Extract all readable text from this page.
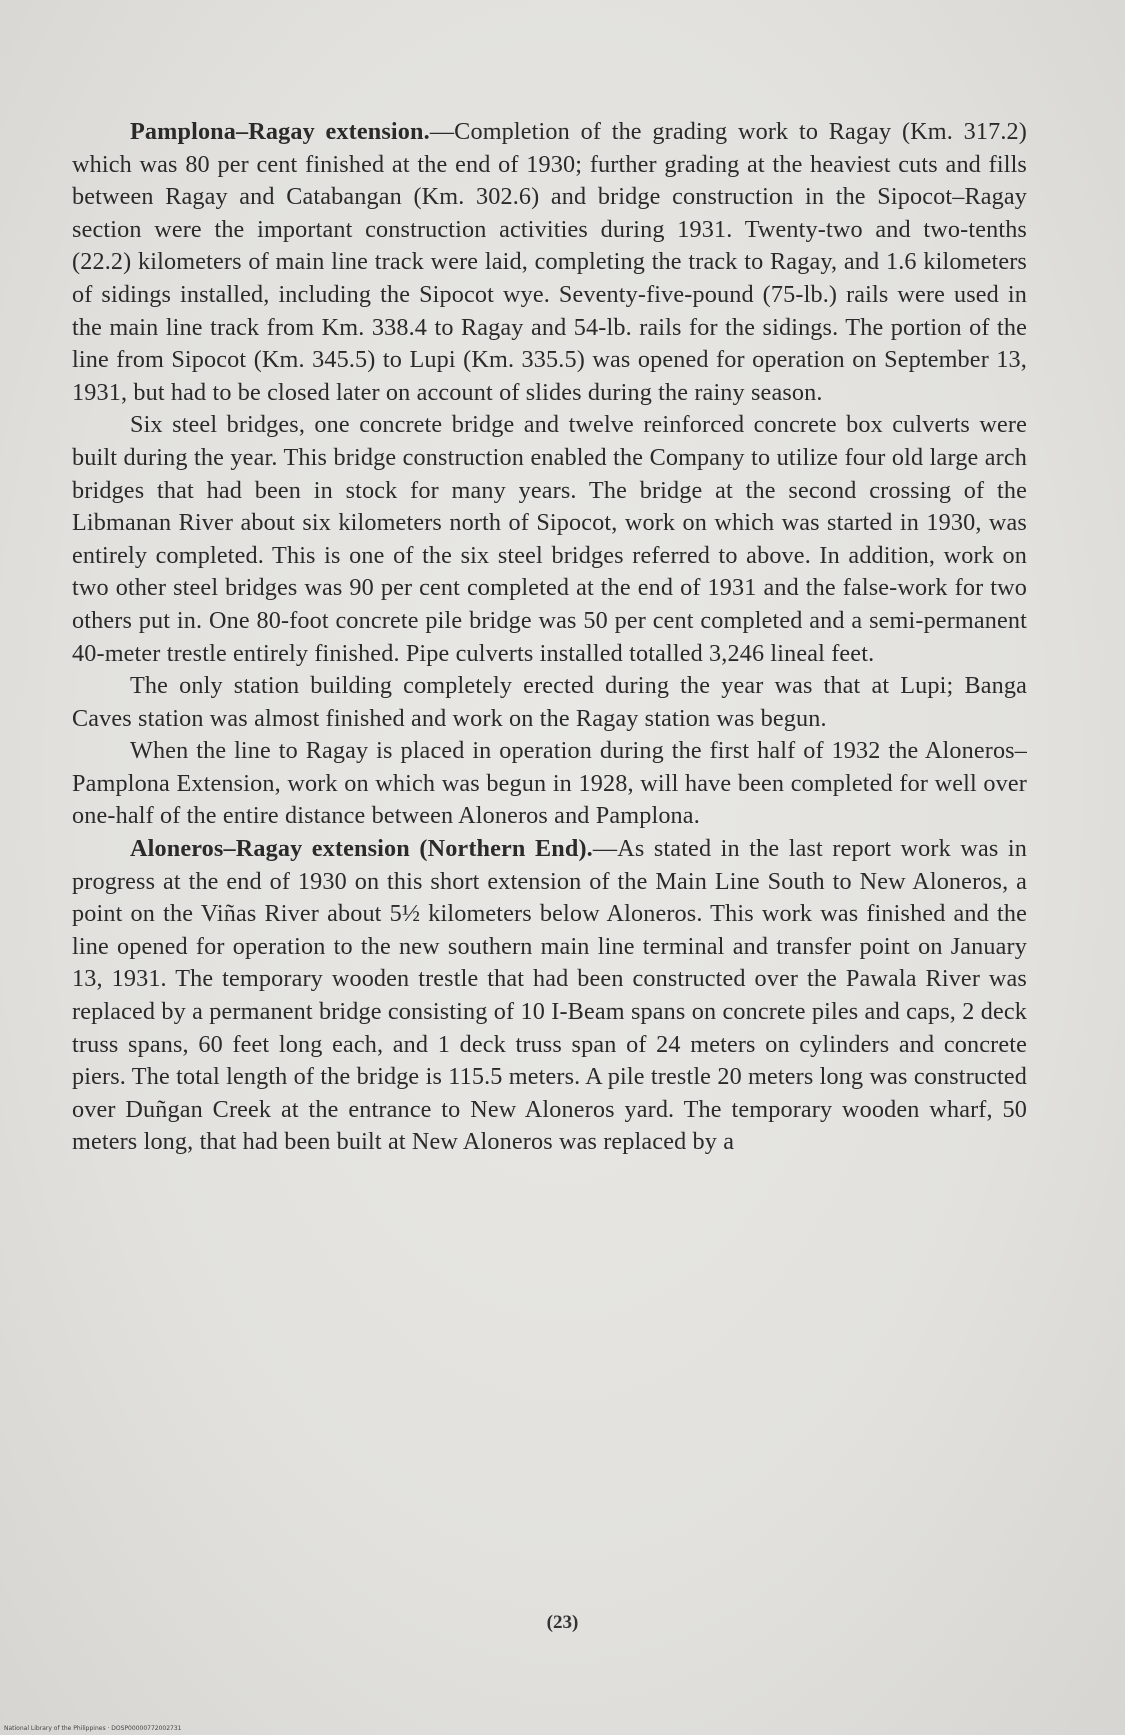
Pamplona–Ragay extension.—Completion of the grading work to Ragay (Km. 317.2) which was 80 per cent finished at the end of 1930; further grading at the heaviest cuts and fills between Ragay and Catabangan (Km. 302.6) and bridge construction in the Sipocot–Ragay section were the important construction activities during 1931. Twenty-two and two-tenths (22.2) kilometers of main line track were laid, completing the track to Ragay, and 1.6 kilometers of sidings installed, including the Sipocot wye. Seventy-five-pound (75-lb.) rails were used in the main line track from Km. 338.4 to Ragay and 54-lb. rails for the sidings. The portion of the line from Sipocot (Km. 345.5) to Lupi (Km. 335.5) was opened for operation on September 13, 1931, but had to be closed later on account of slides during the rainy season.

Six steel bridges, one concrete bridge and twelve reinforced concrete box culverts were built during the year. This bridge construction enabled the Company to utilize four old large arch bridges that had been in stock for many years. The bridge at the second crossing of the Libmanan River about six kilometers north of Sipocot, work on which was started in 1930, was entirely completed. This is one of the six steel bridges referred to above. In addition, work on two other steel bridges was 90 per cent completed at the end of 1931 and the false-work for two others put in. One 80-foot concrete pile bridge was 50 per cent completed and a semi-permanent 40-meter trestle entirely finished. Pipe culverts installed totalled 3,246 lineal feet.

The only station building completely erected during the year was that at Lupi; Banga Caves station was almost finished and work on the Ragay station was begun.

When the line to Ragay is placed in operation during the first half of 1932 the Aloneros–Pamplona Extension, work on which was begun in 1928, will have been completed for well over one-half of the entire distance between Aloneros and Pamplona.

Aloneros–Ragay extension (Northern End).—As stated in the last report work was in progress at the end of 1930 on this short extension of the Main Line South to New Aloneros, a point on the Viñas River about 5½ kilometers below Aloneros. This work was finished and the line opened for operation to the new southern main line terminal and transfer point on January 13, 1931. The temporary wooden trestle that had been constructed over the Pawala River was replaced by a permanent bridge consisting of 10 I-Beam spans on concrete piles and caps, 2 deck truss spans, 60 feet long each, and 1 deck truss span of 24 meters on cylinders and concrete piers. The total length of the bridge is 115.5 meters. A pile trestle 20 meters long was constructed over Duñgan Creek at the entrance to New Aloneros yard. The temporary wooden wharf, 50 meters long, that had been built at New Aloneros was replaced by a

(23)
National Library of the Philippines · DOSP00000772002731
